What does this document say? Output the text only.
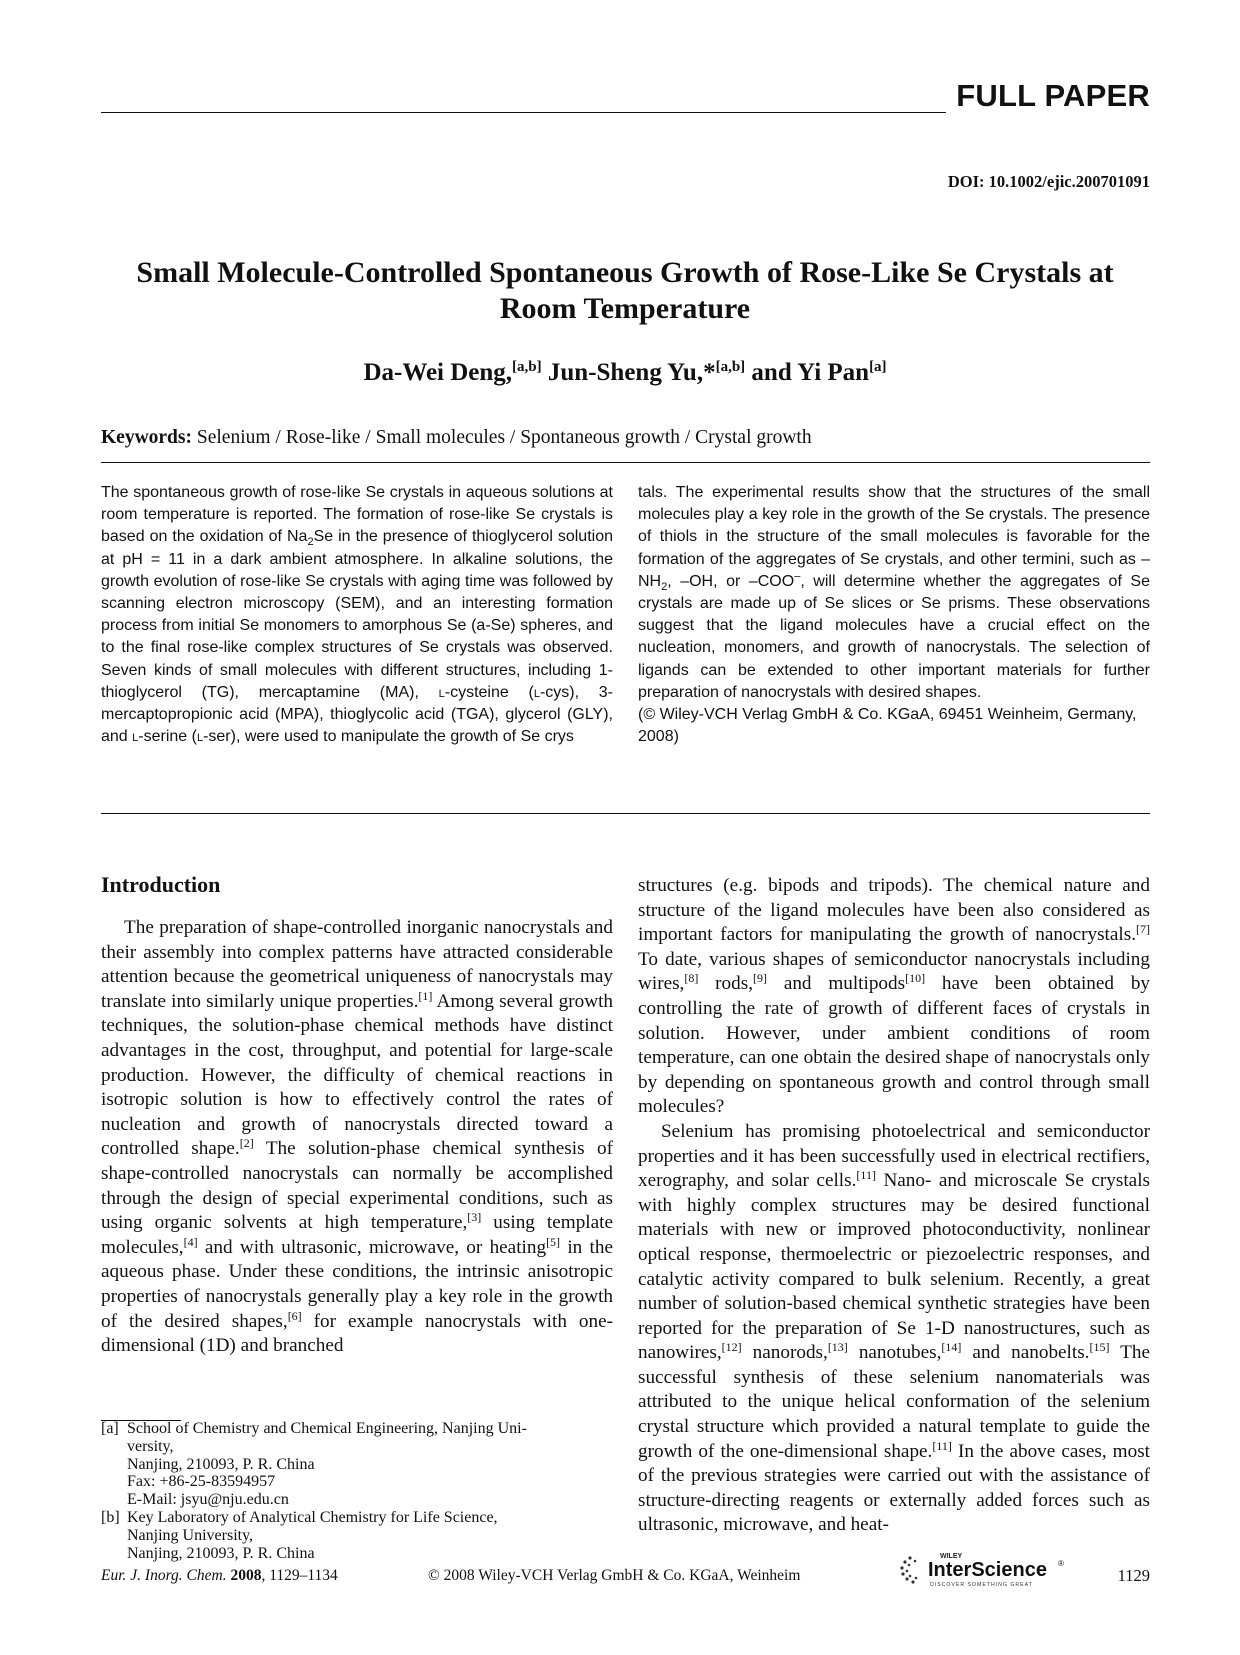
FULL PAPER
DOI: 10.1002/ejic.200701091
Small Molecule-Controlled Spontaneous Growth of Rose-Like Se Crystals at Room Temperature
Da-Wei Deng,[a,b] Jun-Sheng Yu,*[a,b] and Yi Pan[a]
Keywords: Selenium / Rose-like / Small molecules / Spontaneous growth / Crystal growth

The spontaneous growth of rose-like Se crystals in aqueous solutions at room temperature is reported. The formation of rose-like Se crystals is based on the oxidation of $Na_2Se$ in the presence of thioglycerol solution at pH = 11 in a dark ambient atmosphere. In alkaline solutions, the growth evolution of rose-like Se crystals with aging time was followed by scanning electron microscopy (SEM), and an interesting formation process from initial Se monomers to amorphous Se (a-Se) spheres, and to the final rose-like complex structures of Se crystals was observed. Seven kinds of small molecules with different structures, including 1-thioglycerol (TG), mercaptamine (MA), l-cysteine (l-cys), 3-mercaptopropionic acid (MPA), thioglycolic acid (TGA), glycerol (GLY), and l-serine (l-ser), were used to manipulate the growth of Se crys

tals. The experimental results show that the structures of the small molecules play a key role in the growth of the Se crystals. The presence of thiols in the structure of the small molecules is favorable for the formation of the aggregates of Se crystals, and other termini, such as $-NH_2$, –OH, or –COO–, will determine whether the aggregates of Se crystals are made up of Se slices or Se prisms. These observations suggest that the ligand molecules have a crucial effect on the nucleation, monomers, and growth of nanocrystals. The selection of ligands can be extended to other important materials for further preparation of nanocrystals with desired shapes.

(© Wiley-VCH Verlag GmbH & Co. KGaA, 69451 Weinheim, Germany, 2008)

Introduction

The preparation of shape-controlled inorganic nanocrystals and their assembly into complex patterns have attracted considerable attention because the geometrical uniqueness of nanocrystals may translate into similarly unique properties.[1] Among several growth techniques, the solution-phase chemical methods have distinct advantages in the cost, throughput, and potential for large-scale production. However, the difficulty of chemical reactions in isotropic solution is how to effectively control the rates of nucleation and growth of nanocrystals directed toward a controlled shape.[2] The solution-phase chemical synthesis of shape-controlled nanocrystals can normally be accomplished through the design of special experimental conditions, such as using organic solvents at high temperature,[3] using template molecules,[4] and with ultrasonic, microwave, or heating[5] in the aqueous phase. Under these conditions, the intrinsic anisotropic properties of nanocrystals generally play a key role in the growth of the desired shapes,[6] for example nanocrystals with one-dimensional (1D) and branched

structures (e.g. bipods and tripods). The chemical nature and structure of the ligand molecules have been also considered as important factors for manipulating the growth of nanocrystals.[7] To date, various shapes of semiconductor nanocrystals including wires,[8] rods,[9] and multipods[10] have been obtained by controlling the rate of growth of different faces of crystals in solution. However, under ambient conditions of room temperature, can one obtain the desired shape of nanocrystals only by depending on spontaneous growth and control through small molecules?

Selenium has promising photoelectrical and semiconductor properties and it has been successfully used in electrical rectifiers, xerography, and solar cells.[11] Nano- and microscale Se crystals with highly complex structures may be desired functional materials with new or improved photoconductivity, nonlinear optical response, thermoelectric or piezoelectric responses, and catalytic activity compared to bulk selenium. Recently, a great number of solution-based chemical synthetic strategies have been reported for the preparation of Se 1-D nanostructures, such as nanowires,[12] nanorods,[13] nanotubes,[14] and nanobelts.[15] The successful synthesis of these selenium nanomaterials was attributed to the unique helical conformation of the selenium crystal structure which provided a natural template to guide the growth of the one-dimensional shape.[11] In the above cases, most of the previous strategies were carried out with the assistance of structure-directing reagents or externally added forces such as ultrasonic, microwave, and heat-

[a] School of Chemistry and Chemical Engineering, Nanjing Uni-
versity,
Nanjing, 210093, P. R. China
Fax: +86-25-83594957
E-Mail: jsyu@nju.edu.cn
[b] Key Laboratory of Analytical Chemistry for Life Science,
Nanjing University,
Nanjing, 210093, P. R. China
Eur. J. Inorg. Chem. 2008, 1129–1134	© 2008 Wiley-VCH Verlag GmbH & Co. KGaA, Weinheim
WILEY
InterScience ®
DISCOVER SOMETHING GREAT	1129
